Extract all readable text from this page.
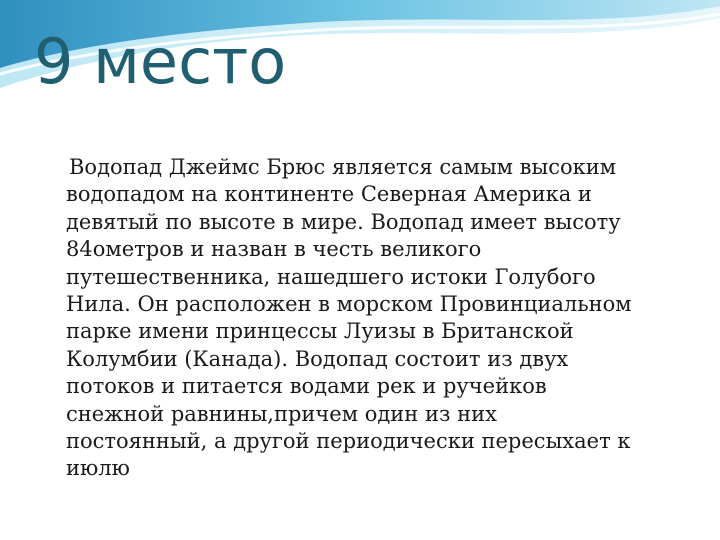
9 место

Водопад Джеймс Брюс является самым высоким
водопадом на континенте Северная Америка и
девятый по высоте в мире. Водопад имеет высоту
84ометров и назван в честь великого
путешественника, нашедшего истоки Голубого
Нила. Он расположен в морском Провинциальном
парке имени принцессы Луизы в Британской
Колумбии (Канада). Водопад состоит из двух
потоков и питается водами рек и ручейков
снежной равнины,причем один из них
постоянный, а другой периодически пересыхает к
июлю
